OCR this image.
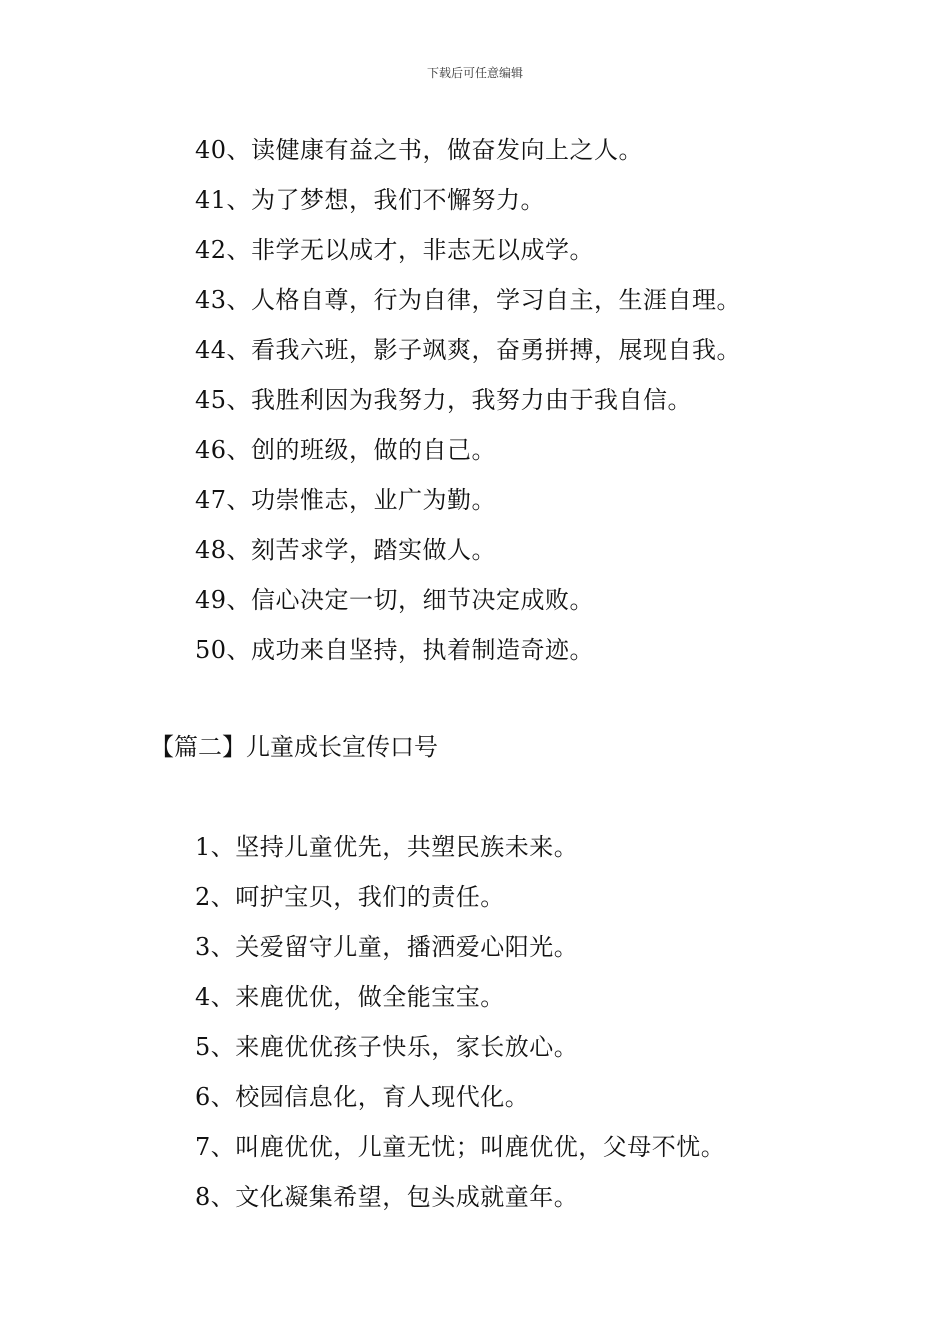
下载后可任意编辑
40、读健康有益之书，做奋发向上之人。
41、为了梦想，我们不懈努力。
42、非学无以成才，非志无以成学。
43、人格自尊，行为自律，学习自主，生涯自理。
44、看我六班，影子飒爽，奋勇拼搏，展现自我。
45、我胜利因为我努力，我努力由于我自信。
46、创的班级，做的自己。
47、功崇惟志，业广为勤。
48、刻苦求学，踏实做人。
49、信心决定一切，细节决定成败。
50、成功来自坚持，执着制造奇迹。
【篇二】儿童成长宣传口号
1、坚持儿童优先，共塑民族未来。
2、呵护宝贝，我们的责任。
3、关爱留守儿童，播洒爱心阳光。
4、来鹿优优，做全能宝宝。
5、来鹿优优孩子快乐，家长放心。
6、校园信息化，育人现代化。
7、叫鹿优优，儿童无忧；叫鹿优优，父母不忧。
8、文化凝集希望，包头成就童年。
